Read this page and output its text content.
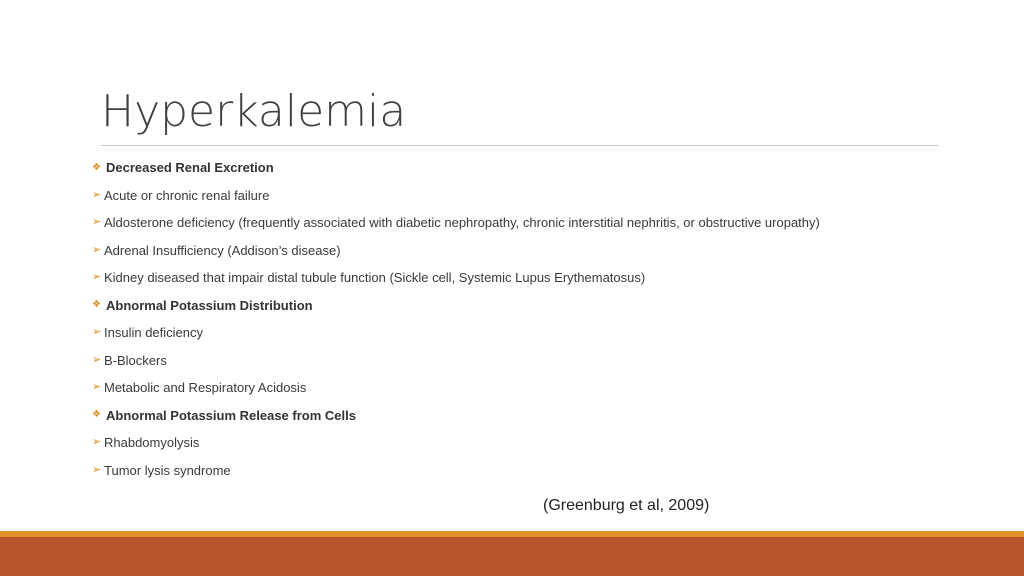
Hyperkalemia
❖ Decreased Renal Excretion
➢ Acute or chronic renal failure
➢ Aldosterone deficiency (frequently associated with diabetic nephropathy, chronic interstitial nephritis, or obstructive uropathy)
➢ Adrenal Insufficiency (Addison’s disease)
➢ Kidney diseased that impair distal tubule function (Sickle cell, Systemic Lupus Erythematosus)
❖ Abnormal Potassium Distribution
➢ Insulin deficiency
➢ B-Blockers
➢ Metabolic and Respiratory Acidosis
❖ Abnormal Potassium Release from Cells
➢ Rhabdomyolysis
➢ Tumor lysis syndrome
(Greenburg et al, 2009)
